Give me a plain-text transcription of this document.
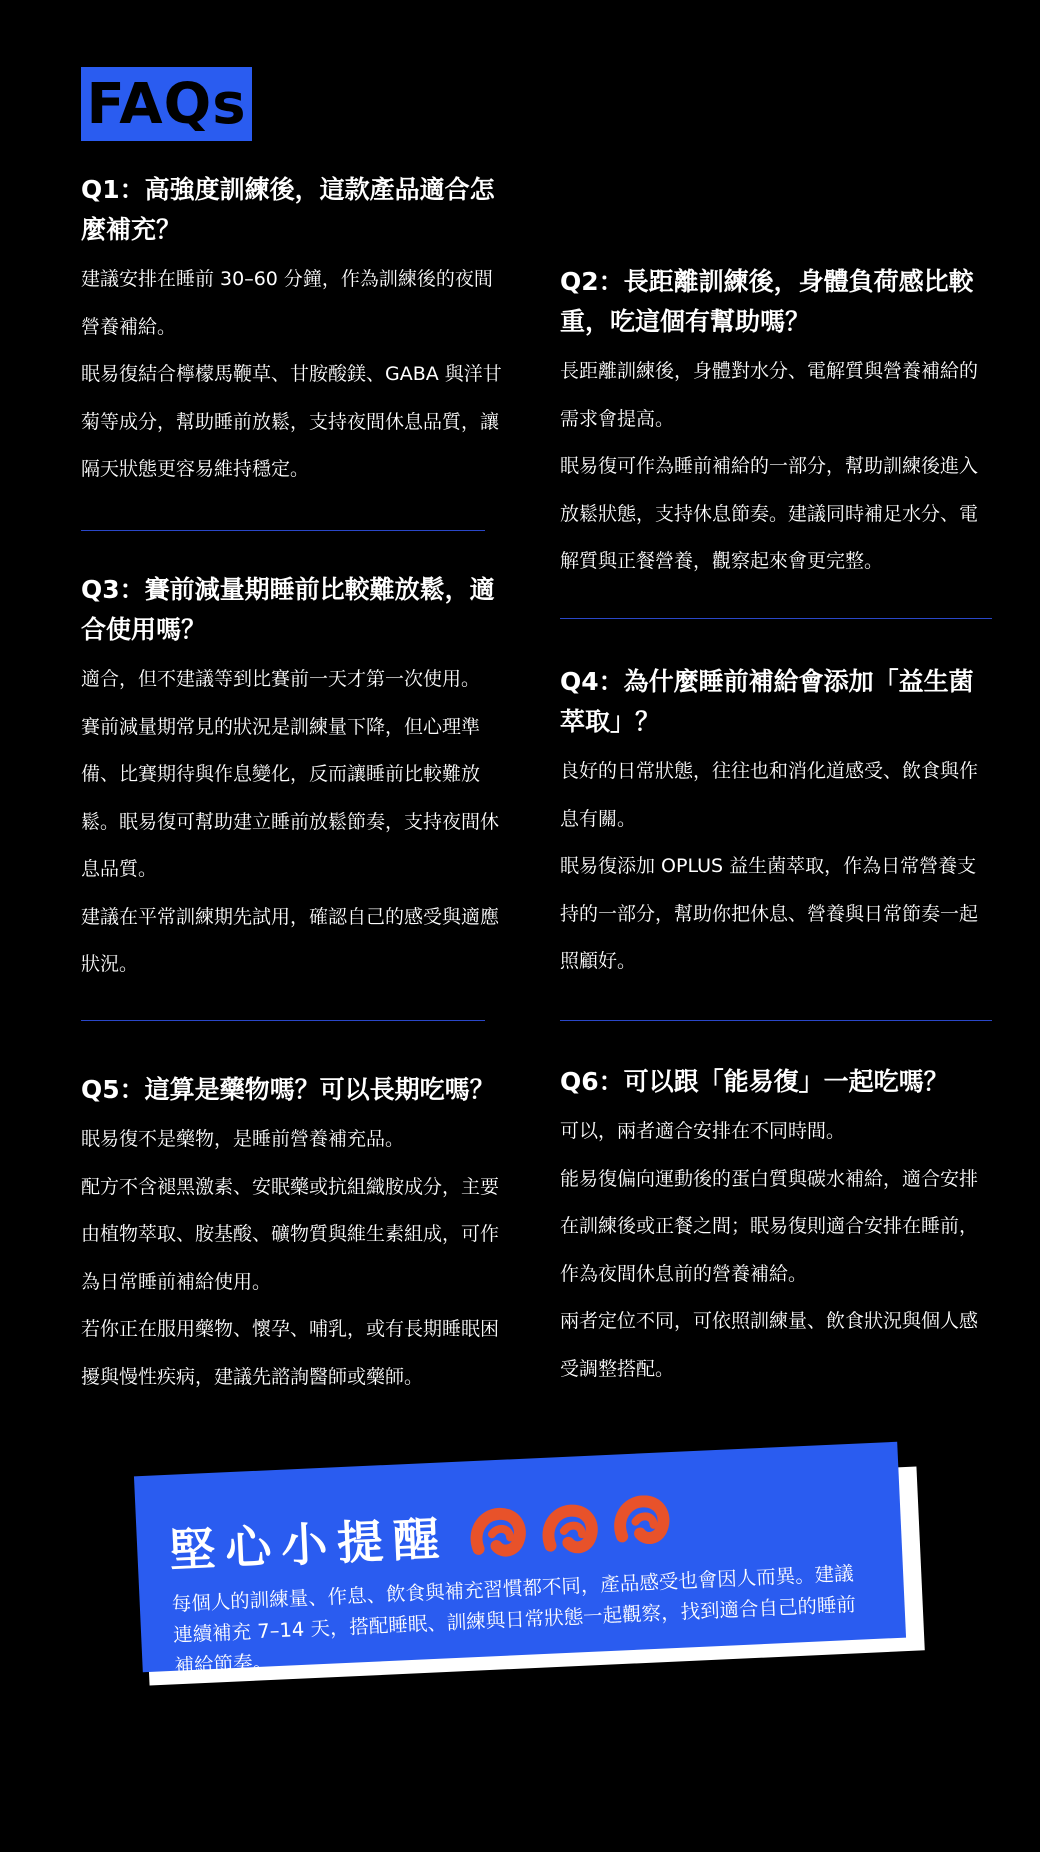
FAQs
Q1：高強度訓練後，這款產品適合怎麼補充？

建議安排在睡前 30–60 分鐘，作為訓練後的夜間營養補給。

眠易復結合檸檬馬鞭草、甘胺酸鎂、GABA 與洋甘菊等成分，幫助睡前放鬆，支持夜間休息品質，讓隔天狀態更容易維持穩定。

Q2：長距離訓練後，身體負荷感比較重，吃這個有幫助嗎？

長距離訓練後，身體對水分、電解質與營養補給的需求會提高。

眠易復可作為睡前補給的一部分，幫助訓練後進入放鬆狀態，支持休息節奏。建議同時補足水分、電解質與正餐營養，觀察起來會更完整。

Q3：賽前減量期睡前比較難放鬆，適合使用嗎？

適合，但不建議等到比賽前一天才第一次使用。

賽前減量期常見的狀況是訓練量下降，但心理準備、比賽期待與作息變化，反而讓睡前比較難放鬆。眠易復可幫助建立睡前放鬆節奏，支持夜間休息品質。

建議在平常訓練期先試用，確認自己的感受與適應狀況。

Q4：為什麼睡前補給會添加「益生菌萃取」？

良好的日常狀態，往往也和消化道感受、飲食與作息有關。

眠易復添加 OPLUS 益生菌萃取，作為日常營養支持的一部分，幫助你把休息、營養與日常節奏一起照顧好。

Q5：這算是藥物嗎？可以長期吃嗎？

眠易復不是藥物，是睡前營養補充品。

配方不含褪黑激素、安眠藥或抗組織胺成分，主要由植物萃取、胺基酸、礦物質與維生素組成，可作為日常睡前補給使用。

若你正在服用藥物、懷孕、哺乳，或有長期睡眠困擾與慢性疾病，建議先諮詢醫師或藥師。

Q6：可以跟「能易復」一起吃嗎？

可以，兩者適合安排在不同時間。

能易復偏向運動後的蛋白質與碳水補給，適合安排在訓練後或正餐之間；眠易復則適合安排在睡前，作為夜間休息前的營養補給。

兩者定位不同，可依照訓練量、飲食狀況與個人感受調整搭配。

堅心小提醒
每個人的訓練量、作息、飲食與補充習慣都不同，產品感受也會因人而異。建議連續補充 7–14 天，搭配睡眠、訓練與日常狀態一起觀察，找到適合自己的睡前補給節奏。
